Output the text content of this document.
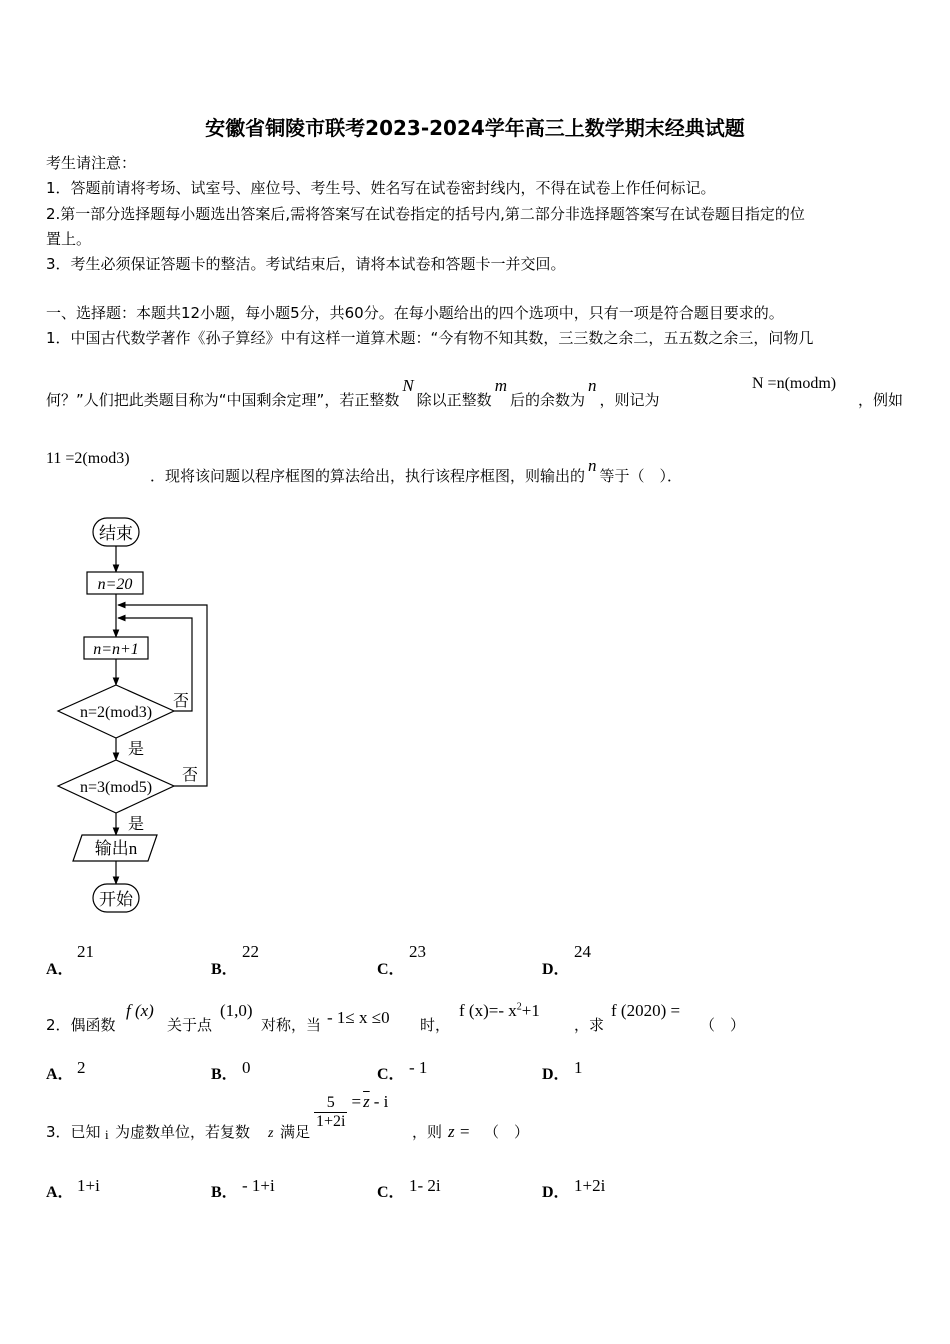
安徽省铜陵市联考2023-2024学年高三上数学期末经典试题
考生请注意：
1．答题前请将考场、试室号、座位号、考生号、姓名写在试卷密封线内，不得在试卷上作任何标记。
2.第一部分选择题每小题选出答案后,需将答案写在试卷指定的括号内,第二部分非选择题答案写在试卷题目指定的位
置上。
3．考生必须保证答题卡的整洁。考试结束后，请将本试卷和答题卡一并交回。
一、选择题：本题共12小题，每小题5分，共60分。在每小题给出的四个选项中，只有一项是符合题目要求的。
1．中国古代数学著作《孙子算经》中有这样一道算术题：“今有物不知其数，三三数之余二，五五数之余三，问物几
何？”人们把此类题目称为“中国剩余定理”，若正整数N除以正整数m后的余数为n，则记为
N =n(modm)
，例如
11 =2(mod3)
．现将该问题以程序框图的算法给出，执行该程序框图，则输出的n等于（　）．
结束
n=20
n=n+1
n=2(mod3)
否
是
n=3(mod5)
否
是
输出n
开始
A．
21
B．
22
C．
23
D．
24
2．偶函数
f (x)
关于点
(1,0)
对称，当 - 1≤ x ≤0 时，
f (x)=- $x^2+1$
，求
f (2020) =
（　）
A． 2	B． 0	C． - 1	D． 1
3．已知 i 为虚数单位，若复数 z 满足
$\frac{5}{1+2i} = \overline{z} - i$
，则 z = （　）
A． 1+i	B． - 1+i	C． 1- 2i	D． 1+2i
